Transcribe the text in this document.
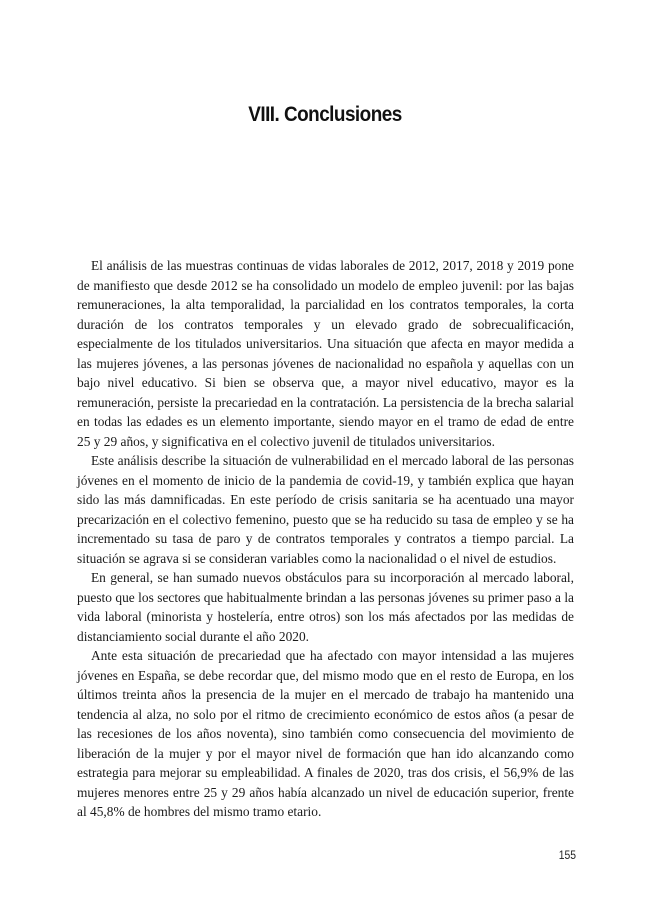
VIII. Conclusiones

El análisis de las muestras continuas de vidas laborales de 2012, 2017, 2018 y 2019 pone de manifiesto que desde 2012 se ha consolidado un modelo de empleo juvenil: por las bajas remuneraciones, la alta temporalidad, la parcialidad en los contratos temporales, la corta duración de los contratos temporales y un elevado grado de sobrecualificación, especialmente de los titulados universitarios. Una situación que afecta en mayor medida a las mujeres jóvenes, a las personas jóvenes de nacionalidad no española y aquellas con un bajo nivel educativo. Si bien se observa que, a mayor nivel educativo, mayor es la remuneración, persiste la precariedad en la contratación. La persistencia de la brecha salarial en todas las edades es un elemento importante, siendo mayor en el tramo de edad de entre 25 y 29 años, y significativa en el colectivo juvenil de titulados universitarios.

Este análisis describe la situación de vulnerabilidad en el mercado laboral de las personas jóvenes en el momento de inicio de la pandemia de covid-19, y también explica que hayan sido las más damnificadas. En este período de crisis sanitaria se ha acentuado una mayor precarización en el colectivo femenino, puesto que se ha reducido su tasa de empleo y se ha incrementado su tasa de paro y de contratos temporales y contratos a tiempo parcial. La situación se agrava si se consideran variables como la nacionalidad o el nivel de estudios.

En general, se han sumado nuevos obstáculos para su incorporación al mercado laboral, puesto que los sectores que habitualmente brindan a las personas jóvenes su primer paso a la vida laboral (minorista y hostelería, entre otros) son los más afectados por las medidas de distanciamiento social durante el año 2020.

Ante esta situación de precariedad que ha afectado con mayor intensidad a las mujeres jóvenes en España, se debe recordar que, del mismo modo que en el resto de Europa, en los últimos treinta años la presencia de la mujer en el mercado de trabajo ha mantenido una tendencia al alza, no solo por el ritmo de crecimiento económico de estos años (a pesar de las recesiones de los años noventa), sino también como consecuencia del movimiento de liberación de la mujer y por el mayor nivel de formación que han ido alcanzando como estrategia para mejorar su empleabilidad. A finales de 2020, tras dos crisis, el 56,9% de las mujeres menores entre 25 y 29 años había alcanzado un nivel de educación superior, frente al 45,8% de hombres del mismo tramo etario.

155
